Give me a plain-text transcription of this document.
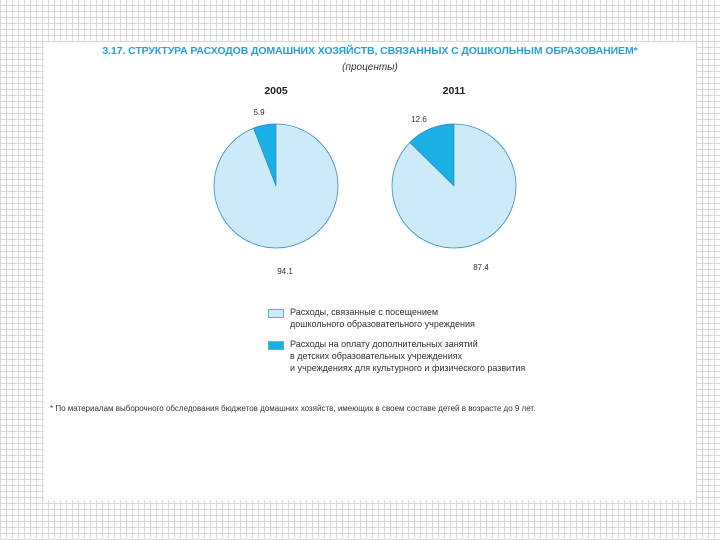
3.17. СТРУКТУРА РАСХОДОВ ДОМАШНИХ ХОЗЯЙСТВ, СВЯЗАННЫХ С ДОШКОЛЬНЫМ ОБРАЗОВАНИЕМ*
(проценты)
2005
5.9
94.1
2011
12.6
87.4
Расходы, связанные с посещением
дошкольного образовательного учреждения
Расходы на оплату дополнительных занятий
в детских образовательных учреждениях
и учреждениях для культурного и физического развития
* По материалам выборочного обследования бюджетов домашних хозяйств, имеющих в своем составе детей в возрасте до 9 лет.
